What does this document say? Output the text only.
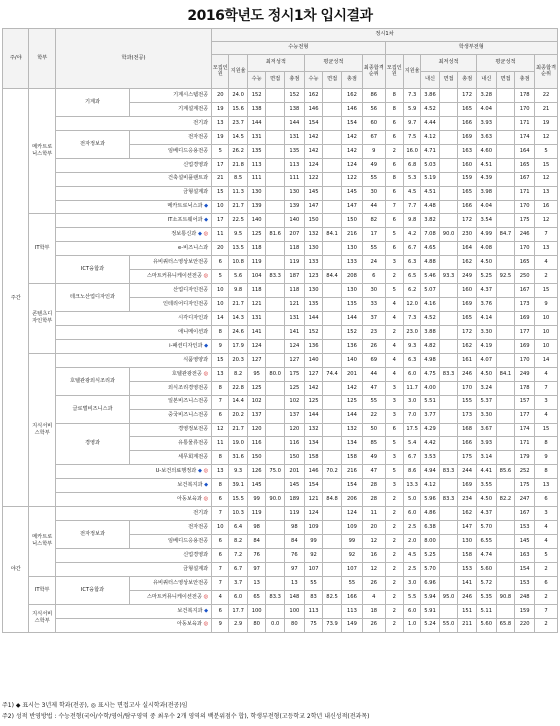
2016학년도 정시1차 입시결과
주/야	학부	학과(전공)		정시1차																	
				수능전형									학생부전형								
				모집인원	지원율	최저성적			평균성적			최종합격순위	모집인원	지원율	최저성적			평균성적			최종합격순위
						수능	면접	총점	수능	면접	총점				내신	면접	총점	내신	면접	총점	
주간	메카트로닉스학부	기계과	기계시스템전공	20	24.0	152		152	162		162	86	8	7.3	3.86		172	3.28		178	22
			기계설계전공	19	15.6	138		138	146		146	56	8	5.9	4.52		165	4.04		170	21
		전기과		13	23.7	144		144	154		154	60	6	9.7	4.44		166	3.93		171	19
		전자정보과	전자전공	19	14.5	131		131	142		142	67	6	7.5	4.12		169	3.63		174	12
			임베디드응용전공	5	26.2	135		135	142		142	9	2	16.0	4.71		163	4.60		164	5
		신업경영과		17	21.8	113		113	124		124	49	6	6.8	5.03		160	4.51		165	15
		건축설비플랜트과		21	8.5	111		111	122		122	55	8	5.3	5.19		159	4.39		167	12
		금형설계과		15	11.3	130		130	145		145	30	6	4.5	4.51		165	3.98		171	13
		메카트로닉스과 ◆		10	21.7	139		139	147		147	44	7	7.7	4.48		166	4.04		170	16
	IT학부	IT소프트웨어과 ◆		17	22.5	140		140	150		150	82	6	9.8	3.82		172	3.54		175	12
		정보통신과 ◆ ◎		11	9.5	125	81.6	207	132	84.1	216	17	5	4.2	7.08	90.0	230	4.99	84.7	246	7
		e-비즈니스과		20	13.5	118		118	130		130	55	6	6.7	4.65		164	4.08		170	13
		ICT융합과	유비쿼터스영상보안전공	6	10.8	119		119	133		133	24	3	6.3	4.88		162	4.50		165	4
			스마트커뮤니케이션전공 ◎	5	5.6	104	83.3	187	123	84.4	208	6	2	6.5	5.46	93.3	249	5.25	92.5	250	2
	콘텐츠디자인학부	테크노산업디자인과	산업디자인전공	10	9.8	118		118	130		130	30	5	6.2	5.07		160	4.37		167	15
			인테리어디자인전공	10	21.7	121		121	135		135	33	4	12.0	4.16		169	3.76		173	9
		시각디자인과		14	14.3	131		131	144		144	37	4	7.3	4.52		165	4.14		169	10
		애니메이션과		8	24.6	141		141	152		152	23	2	23.0	3.88		172	3.30		177	10
		i-패션디자인과 ◆		9	17.9	124		124	136		136	26	4	9.3	4.82		162	4.19		169	10
	지식서비스학부	식품영양과		15	20.3	127		127	140		140	69	4	6.3	4.98		161	4.07		170	14
		호텔관광외식조리과	호텔관광전공 ◎	13	8.2	95	80.0	175	127	74.4	201	44	4	6.0	4.75	83.3	246	4.50	84.1	249	4
			외식조리경영전공	8	22.8	125		125	142		142	47	3	11.7	4.00		170	3.24		178	7
		글로벌비즈니스과	일본비즈니스전공	7	14.4	102		102	125		125	55	3	3.0	5.51		155	5.37		157	3
			중국비즈니스전공	6	20.2	137		137	144		144	22	3	7.0	3.77		173	3.30		177	4
		경영과	경영정보전공	12	21.7	120		120	132		132	50	6	17.5	4.29		168	3.67		174	15
			유통물류전공	11	19.0	116		116	134		134	85	5	5.4	4.42		166	3.93		171	8
			세무회계전공	8	31.6	150		150	158		158	49	3	6.7	3.53		175	3.14		179	9
		U-보건의료행정과 ◆ ◎		13	9.3	126	75.0	201	146	70.2	216	47	5	8.6	4.94	83.3	244	4.41	85.6	252	8
		보건복지과 ◆		8	39.1	145		145	154		154	28	3	13.3	4.12		169	3.55		175	13
		아동보육과 ◎		6	15.5	99	90.0	189	121	84.8	206	28	2	5.0	5.96	83.3	234	4.50	82.2	247	6
야간	메카트로닉스학부	전기과		7	10.3	119		119	124		124	11	2	6.0	4.86		162	4.37		167	3
		전자정보과	전자전공	10	6.4	98		98	109		109	20	2	2.5	6.38		147	5.70		153	4
			임베디드응용전공	6	8.2	84		84	99		99	12	2	2.0	8.00		130	6.55		145	4
		신업경영과		6	7.2	76		76	92		92	16	2	4.5	5.25		158	4.74		163	5
		금형설계과		7	6.7	97		97	107		107	12	2	2.5	5.70		153	5.60		154	2
	IT학부	ICT융합과	유비쿼터스영상보안전공	7	3.7	13		13	55		55	26	2	3.0	6.96		141	5.72		153	6
			스마트커뮤니케이션전공 ◎	4	6.0	65	83.3	148	83	82.5	166	4	2	5.5	5.94	95.0	246	5.35	90.8	248	2
	지식서비스학부	보건복지과 ◆		6	17.7	100		100	113		113	18	2	6.0	5.91		151	5.11		159	7
		아동보육과 ◎		9	2.9	80	0.0	80	75	73.9	149	26	2	1.0	5.24	55.0	211	5.60	65.8	220	2
주1) ◆ 표시는 3년제 학과(전공), ◎ 표시는 면접고사 실시학과(전공)임
주2) 성적 반영방법 : 수능전형(국어/수학/영어/탐구영역 중 최우수 2개 영역의 백분위점수 합), 학생부전형(고등학교 2학년 내신성적(전과목)
